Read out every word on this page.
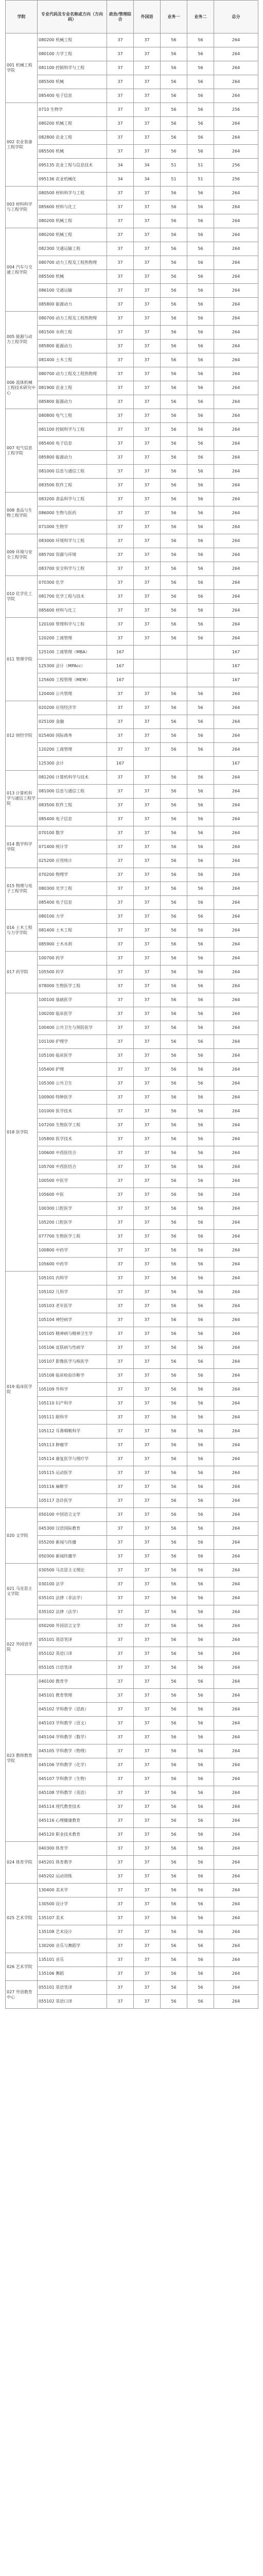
学院	专业代码及专业名称或方向（方向码）	政治/管理综合	外国语	业务一	业务二	总分
001 机械工程学院	080200 机械工程	37	37	56	56	264
	080100 力学工程	37	37	56	56	264
	081100 控制科学与工程	37	37	56	56	264
	085500 机械	37	37	56	56	264
	085400 电子信息	37	37	56	56	264
002 农业装备工程学院	0710 生物学	37	37	56	56	256
	080200 机械工程	37	37	56	56	264
	082800 农业工程	37	37	56	56	264
	085500 机械	37	37	56	56	264
	095135 农业工程与信息技术	34	34	51	51	256
	095136 农业机械化	34	34	51	51	256
003 材料科学与工程学院	080500 材料科学与工程	37	37	56	56	264
	085600 材料与化工	37	37	56	56	264
	080200 机械工程	37	37	56	56	264
004 汽车与交通工程学院	080200 机械工程	37	37	56	56	264
	082300 交通运输工程	37	37	56	56	264
	080700 动力工程及工程热物理	37	37	56	56	264
	085500 机械	37	37	56	56	264
	086100 交通运输	37	37	56	56	264
	085800 能源动力	37	37	56	56	264
005 能源与动力工程学院	080700 动力工程及工程热物理	37	37	56	56	264
	081500 水利工程	37	37	56	56	264
	085800 能源动力	37	37	56	56	264
	081400 土木工程	37	37	56	56	264
006 流体机械工程技术研究中心	080700 动力工程及工程热物理	37	37	56	56	264
	081900 农业工程	37	37	56	56	264
	085800 能源动力	37	37	56	56	264
007 电气信息工程学院	080800 电气工程	37	37	56	56	264
	081100 控制科学与工程	37	37	56	56	264
	085400 电子信息	37	37	56	56	264
	085800 能源动力	37	37	56	56	264
	081000 信息与通信工程	37	37	56	56	264
	083500 软件工程	37	37	56	56	264
008 食品与生物工程学院	083200 食品科学与工程	37	37	56	56	264
	086000 生物与医药	37	37	56	56	264
	071000 生物学	37	37	56	56	264
009 环境与安全工程学院	083000 环境科学与工程	37	37	56	56	264
	085700 资源与环境	37	37	56	56	264
	083700 安全科学与工程	37	37	56	56	264
010 化学化工学院	070300 化学	37	37	56	56	264
	081700 化学工程与技术	37	37	56	56	264
	085600 材料与化工	37	37	56	56	264
011 管理学院	120100 管理科学与工程	37	37	56	56	264
	120200 工商管理	37	37	56	56	264
	125100 工商管理（MBA）	167				167
	125300 会计（MPAcc）	167				167
	125600 工程管理（MEM）	167				167
	120400 公共管理	37	37	56	56	264
012 财经学院	020200 应用经济学	37	37	56	56	264
	025100 金融	37	37	56	56	264
	025400 国际商务	37	37	56	56	264
	120200 工商管理	37	37	56	56	264
	125300 会计	167				167
013 计算机科学与通信工程学院	081200 计算机科学与技术	37	37	56	56	264
	081000 信息与通信工程	37	37	56	56	264
	083500 软件工程	37	37	56	56	264
	085400 电子信息	37	37	56	56	264
014 数学科学学院	070100 数学	37	37	56	56	264
	071400 统计学	37	37	56	56	264
	025200 应用统计	37	37	56	56	264
015 物理与电子工程学院	070200 物理学	37	37	56	56	264
	080300 光学工程	37	37	56	56	264
	085400 电子信息	37	37	56	56	264
016 土木工程与力学学院	080100 力学	37	37	56	56	264
	081400 土木工程	37	37	56	56	264
	085900 土木水利	37	37	56	56	264
017 药学院	100700 药学	37	37	56	56	264
	105500 药学	37	37	56	56	264
	078000 生物医学工程	37	37	56	56	264
018 医学院	100100 基础医学	37	37	56	56	264
	100200 临床医学	37	37	56	56	264
	100400 公共卫生与预防医学	37	37	56	56	264
	101100 护理学	37	37	56	56	264
	105100 临床医学	37	37	56	56	264
	105400 护理	37	37	56	56	264
	105300 公共卫生	37	37	56	56	264
	100900 特种医学	37	37	56	56	264
	101000 医学技术	37	37	56	56	264
	107200 生物医学工程	37	37	56	56	264
	105800 医学技术	37	37	56	56	264
	100600 中西医结合	37	37	56	56	264
	105700 中西医结合	37	37	56	56	264
	100500 中医学	37	37	56	56	264
	105600 中医	37	37	56	56	264
	100300 口腔医学	37	37	56	56	264
	105200 口腔医学	37	37	56	56	264
	077700 生物医学工程	37	37	56	56	264
	100800 中药学	37	37	56	56	264
	105600 中药学	37	37	56	56	264
019 临床医学院	105101 内科学	37	37	56	56	264
	105102 儿科学	37	37	56	56	264
	105103 老年医学	37	37	56	56	264
	105104 神经病学	37	37	56	56	264
	105105 精神病与精神卫生学	37	37	56	56	264
	105106 皮肤病与性病学	37	37	56	56	264
	105107 影像医学与核医学	37	37	56	56	264
	105108 临床检验诊断学	37	37	56	56	264
	105109 外科学	37	37	56	56	264
	105110 妇产科学	37	37	56	56	264
	105111 眼科学	37	37	56	56	264
	105112 耳鼻咽喉科学	37	37	56	56	264
	105113 肿瘤学	37	37	56	56	264
	105114 康复医学与理疗学	37	37	56	56	264
	105115 运动医学	37	37	56	56	264
	105116 麻醉学	37	37	56	56	264
	105117 急诊医学	37	37	56	56	264
020 文学院	050100 中国语言文学	37	37	56	56	264
	045300 汉语国际教育	37	37	56	56	264
	055200 新闻与传播	37	37	56	56	264
	050300 新闻传播学	37	37	56	56	264
021 马克思主义学院	030500 马克思主义理论	37	37	56	56	264
	030100 法学	37	37	56	56	264
	035101 法律（非法学）	37	37	56	56	264
	035102 法律（法学）	37	37	56	56	264
022 外国语学院	050200 外国语言文学	37	37	56	56	264
	055101 英语笔译	37	37	56	56	264
	055102 英语口译	37	37	56	56	264
	055105 日语笔译	37	37	56	56	264
023 教师教育学院	040100 教育学	37	37	56	56	264
	045101 教育管理	37	37	56	56	264
	045102 学科教学（思政）	37	37	56	56	264
	045103 学科教学（语文）	37	37	56	56	264
	045104 学科教学（数学）	37	37	56	56	264
	045105 学科教学（物理）	37	37	56	56	264
	045106 学科教学（化学）	37	37	56	56	264
	045107 学科教学（生物）	37	37	56	56	264
	045108 学科教学（英语）	37	37	56	56	264
	045114 现代教育技术	37	37	56	56	264
	045116 心理健康教育	37	37	56	56	264
	045120 职业技术教育	37	37	56	56	264
024 体育学院	040300 体育学	37	37	56	56	264
	045201 体育教学	37	37	56	56	264
	045202 运动训练	37	37	56	56	264
025 艺术学院	130400 美术学	37	37	56	56	264
	130500 设计学	37	37	56	56	264
	135107 美术	37	37	56	56	264
	135108 艺术设计	37	37	56	56	264
	130200 音乐与舞蹈学	37	37	56	56	264
026 艺术学院	135101 音乐	37	37	56	56	264
	135106 舞蹈	37	37	56	56	264
027 外语教育中心	055101 英语笔译	37	37	56	56	264
	055102 英语口译	37	37	56	56	264
